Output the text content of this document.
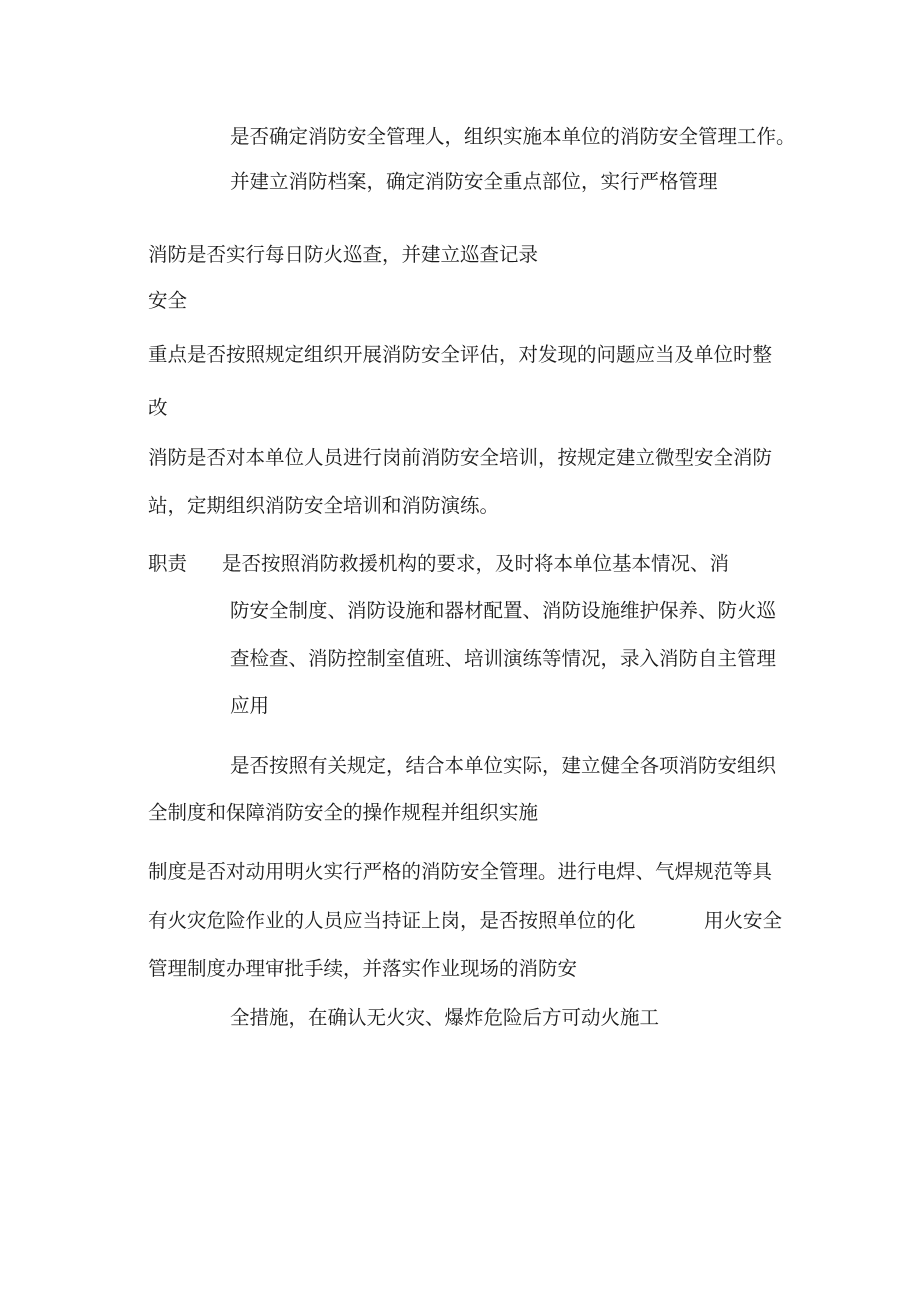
是否确定消防安全管理人，组织实施本单位的消防安全管理工作。
并建立消防档案，确定消防安全重点部位，实行严格管理
消防是否实行每日防火巡查，并建立巡查记录
安全
重点是否按照规定组织开展消防安全评估，对发现的问题应当及单位时整
改
消防是否对本单位人员进行岗前消防安全培训，按规定建立微型安全消防
站，定期组织消防安全培训和消防演练。
职责 是否按照消防救援机构的要求，及时将本单位基本情况、消
防安全制度、消防设施和器材配置、消防设施维护保养、防火巡
查检查、消防控制室值班、培训演练等情况，录入消防自主管理
应用
是否按照有关规定，结合本单位实际，建立健全各项消防安组织
全制度和保障消防安全的操作规程并组织实施
制度是否对动用明火实行严格的消防安全管理。进行电焊、气焊规范等具
有火灾危险作业的人员应当持证上岗，是否按照单位的化	用火安全
管理制度办理审批手续，并落实作业现场的消防安
全措施，在确认无火灾、爆炸危险后方可动火施工
